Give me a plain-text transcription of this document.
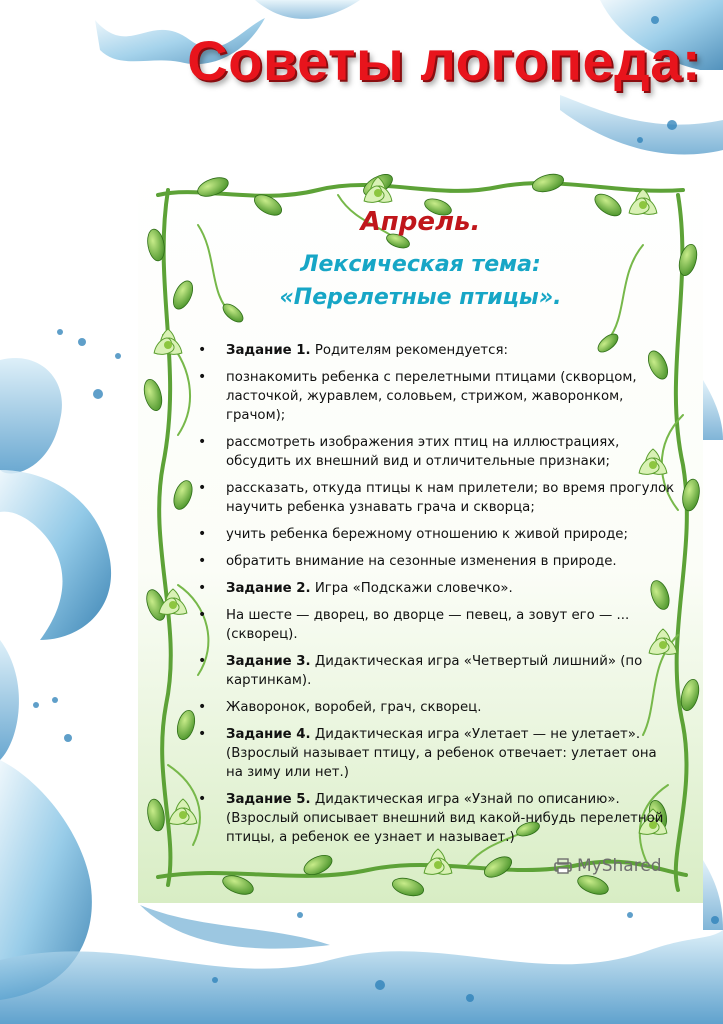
Советы логопеда:
Апрель.
Лексическая тема:
«Перелетные птицы».
• Задание 1. Родителям рекомендуется:
• познакомить ребенка с перелетными птицами (скворцом, ласточкой, журавлем, соловьем, стрижом, жаворонком, грачом);
• рассмотреть изображения этих птиц на иллюстрациях, обсудить их внешний вид и отличительные признаки;
• рассказать, откуда птицы к нам прилетели; во время прогулок научить ребенка узнавать грача и скворца;
• учить ребенка бережному отношению к живой природе;
• обратить внимание на сезонные изменения в природе.
• Задание 2. Игра «Подскажи словечко».
• На шесте — дворец, во дворце — певец, а зовут его — ... (скворец).
• Задание 3. Дидактическая игра «Четвертый лишний» (по картинкам).
• Жаворонок, воробей, грач, скворец.
• Задание 4. Дидактическая игра «Улетает — не улетает». (Взрослый называет птицу, а ребенок отвечает: улетает она на зиму или нет.)
• Задание 5. Дидактическая игра «Узнай по описанию». (Взрослый описывает внешний вид какой-нибудь перелетной птицы, а ребенок ее узнает и называет.)
MyShared
